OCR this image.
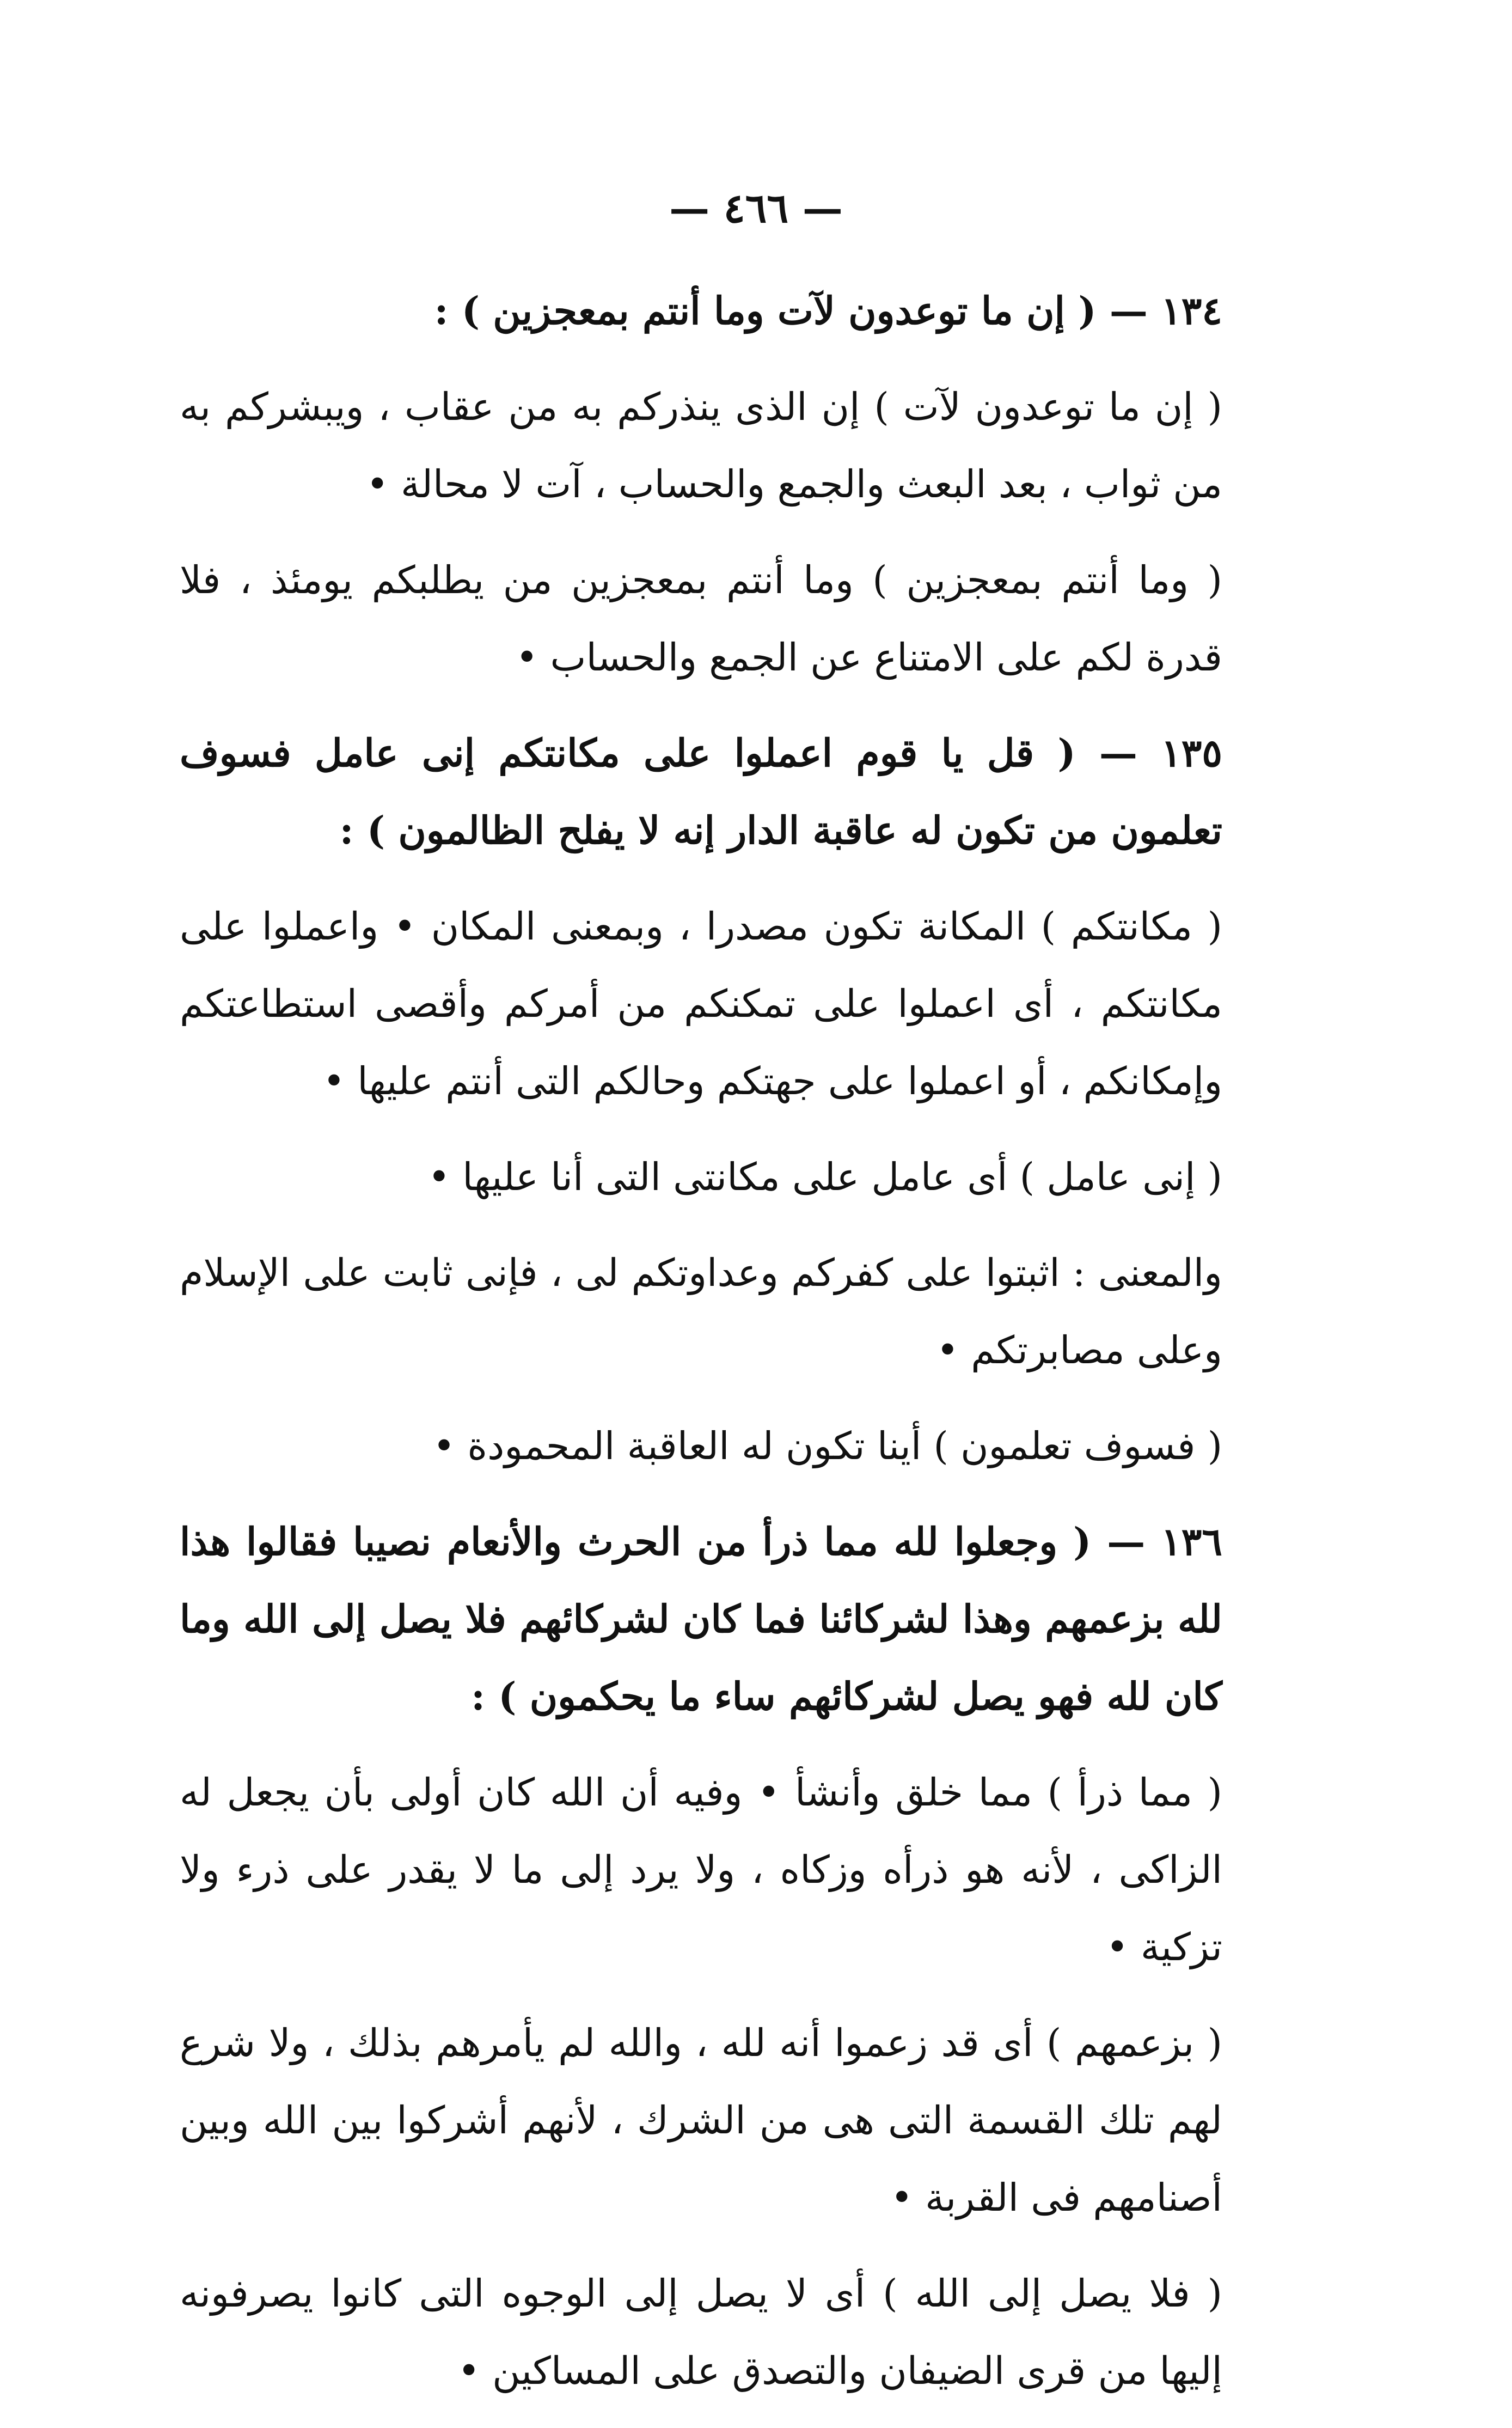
— ٤٦٦ —

١٣٤ — ( إن ما توعدون لآت وما أنتم بمعجزين ) :

( إن ما توعدون لآت ) إن الذى ينذركم به من عقاب ، ويبشركم به من ثواب ، بعد البعث والجمع والحساب ، آت لا محالة •

( وما أنتم بمعجزين ) وما أنتم بمعجزين من يطلبكم يومئذ ، فلا قدرة لكم على الامتناع عن الجمع والحساب •

١٣٥ — ( قل يا قوم اعملوا على مكانتكم إنى عامل فسوف تعلمون من تكون له عاقبة الدار إنه لا يفلح الظالمون ) :

( مكانتكم ) المكانة تكون مصدرا ، وبمعنى المكان • واعملوا على مكانتكم ، أى اعملوا على تمكنكم من أمركم وأقصى استطاعتكم وإمكانكم ، أو اعملوا على جهتكم وحالكم التى أنتم عليها •

( إنى عامل ) أى عامل على مكانتى التى أنا عليها •

والمعنى : اثبتوا على كفركم وعداوتكم لى ، فإنى ثابت على الإسلام وعلى مصابرتكم •

( فسوف تعلمون ) أينا تكون له العاقبة المحمودة •

١٣٦ — ( وجعلوا لله مما ذرأ من الحرث والأنعام نصيبا فقالوا هذا لله بزعمهم وهذا لشركائنا فما كان لشركائهم فلا يصل إلى الله وما كان لله فهو يصل لشركائهم ساء ما يحكمون ) :

( مما ذرأ ) مما خلق وأنشأ • وفيه أن الله كان أولى بأن يجعل له الزاكى ، لأنه هو ذرأه وزكاه ، ولا يرد إلى ما لا يقدر على ذرء ولا تزكية •

( بزعمهم ) أى قد زعموا أنه لله ، والله لم يأمرهم بذلك ، ولا شرع لهم تلك القسمة التى هى من الشرك ، لأنهم أشركوا بين الله وبين أصنامهم فى القربة •

( فلا يصل إلى الله ) أى لا يصل إلى الوجوه التى كانوا يصرفونه إليها من قرى الضيفان والتصدق على المساكين •
